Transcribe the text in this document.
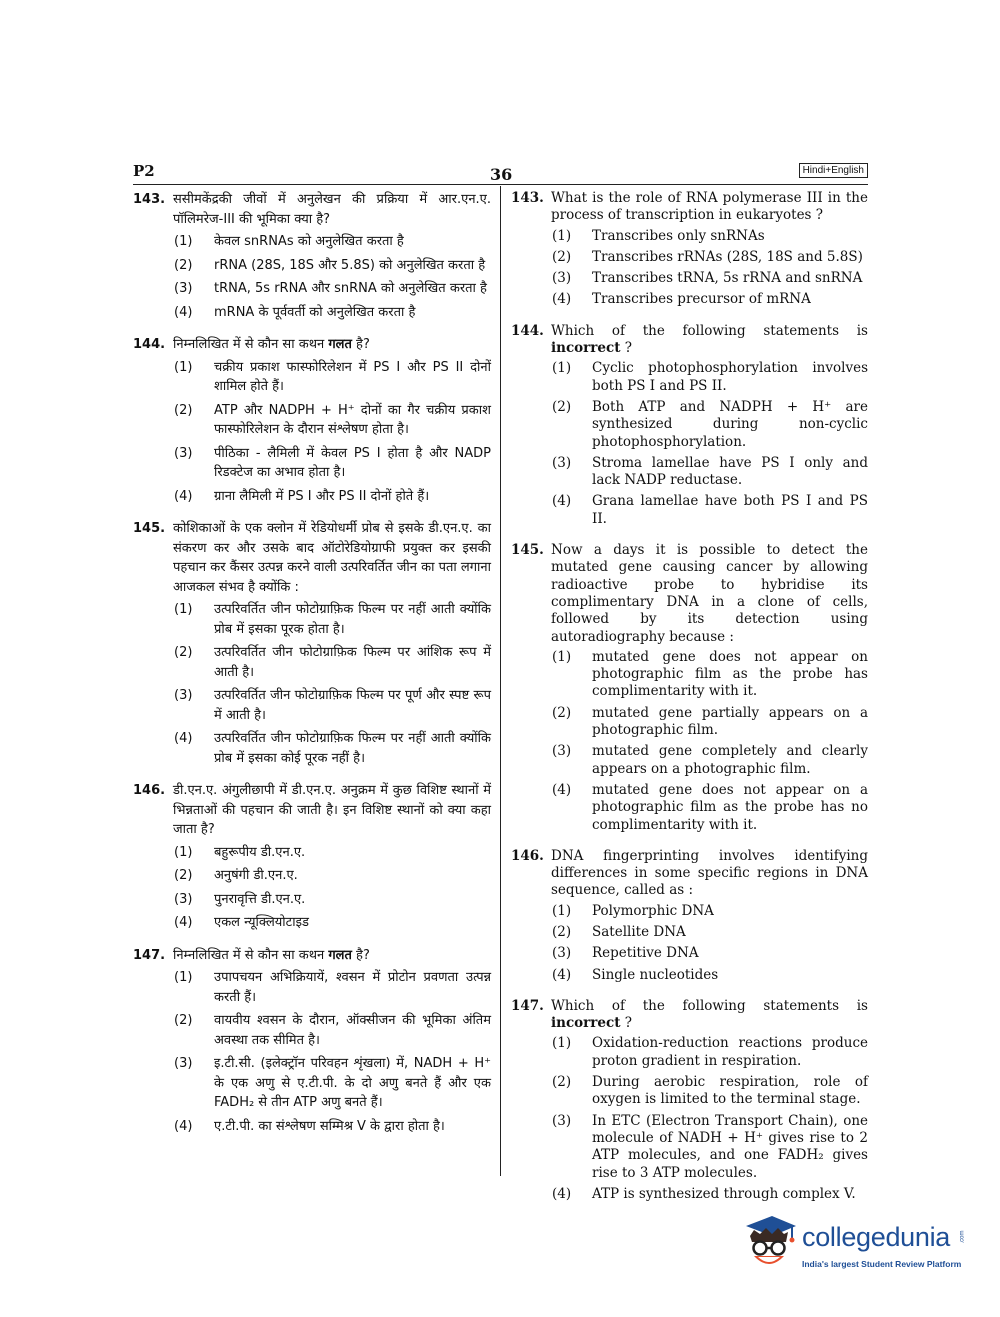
P2	36	Hindi+English
143. ससीमकेंद्रकी जीवों में अनुलेखन की प्रक्रिया में आर.एन.ए. पॉलिमरेज-III की भूमिका क्या है?
(1) केवल snRNAs को अनुलेखित करता है
(2) rRNA (28S, 18S और 5.8S) को अनुलेखित करता है
(3) tRNA, 5s rRNA और snRNA को अनुलेखित करता है
(4) mRNA के पूर्ववर्ती को अनुलेखित करता है
144. निम्नलिखित में से कौन सा कथन गलत है?
(1) चक्रीय प्रकाश फास्फोरिलेशन में PS I और PS II दोनों शामिल होते हैं।
(2) ATP और NADPH + H⁺ दोनों का गैर चक्रीय प्रकाश फास्फोरिलेशन के दौरान संश्लेषण होता है।
(3) पीठिका - लैमिली में केवल PS I होता है और NADP रिडक्टेज का अभाव होता है।
(4) ग्राना लैमिली में PS I और PS II दोनों होते हैं।
145. कोशिकाओं के एक क्लोन में रेडियोधर्मी प्रोब से इसके डी.एन.ए. का संकरण कर और उसके बाद ऑटोरेडियोग्राफी प्रयुक्त कर इसकी पहचान कर कैंसर उत्पन्न करने वाली उत्परिवर्तित जीन का पता लगाना आजकल संभव है क्योंकि :
(1) उत्परिवर्तित जीन फोटोग्राफ़िक फिल्म पर नहीं आती क्योंकि प्रोब में इसका पूरक होता है।
(2) उत्परिवर्तित जीन फोटोग्राफ़िक फिल्म पर आंशिक रूप में आती है।
(3) उत्परिवर्तित जीन फोटोग्राफ़िक फिल्म पर पूर्ण और स्पष्ट रूप में आती है।
(4) उत्परिवर्तित जीन फोटोग्राफ़िक फिल्म पर नहीं आती क्योंकि प्रोब में इसका कोई पूरक नहीं है।
146. डी.एन.ए. अंगुलीछापी में डी.एन.ए. अनुक्रम में कुछ विशिष्ट स्थानों में भिन्नताओं की पहचान की जाती है। इन विशिष्ट स्थानों को क्या कहा जाता है?
(1) बहुरूपीय डी.एन.ए.
(2) अनुषंगी डी.एन.ए.
(3) पुनरावृत्ति डी.एन.ए.
(4) एकल न्यूक्लियोटाइड
147. निम्नलिखित में से कौन सा कथन गलत है?
(1) उपापचयन अभिक्रियायें, श्वसन में प्रोटोन प्रवणता उत्पन्न करती हैं।
(2) वायवीय श्वसन के दौरान, ऑक्सीजन की भूमिका अंतिम अवस्था तक सीमित है।
(3) इ.टी.सी. (इलेक्ट्रॉन परिवहन शृंखला) में, NADH + H⁺ के एक अणु से ए.टी.पी. के दो अणु बनते हैं और एक FADH₂ से तीन ATP अणु बनते हैं।
(4) ए.टी.पी. का संश्लेषण सम्मिश्र V के द्वारा होता है।
143. What is the role of RNA polymerase III in the process of transcription in eukaryotes ?
(1) Transcribes only snRNAs
(2) Transcribes rRNAs (28S, 18S and 5.8S)
(3) Transcribes tRNA, 5s rRNA and snRNA
(4) Transcribes precursor of mRNA
144. Which of the following statements is incorrect ?
(1) Cyclic photophosphorylation involves both PS I and PS II.
(2) Both ATP and NADPH + H⁺ are synthesized during non-cyclic photophosphorylation.
(3) Stroma lamellae have PS I only and lack NADP reductase.
(4) Grana lamellae have both PS I and PS II.
145. Now a days it is possible to detect the mutated gene causing cancer by allowing radioactive probe to hybridise its complimentary DNA in a clone of cells, followed by its detection using autoradiography because :
(1) mutated gene does not appear on photographic film as the probe has complimentarity with it.
(2) mutated gene partially appears on a photographic film.
(3) mutated gene completely and clearly appears on a photographic film.
(4) mutated gene does not appear on a photographic film as the probe has no complimentarity with it.
146. DNA fingerprinting involves identifying differences in some specific regions in DNA sequence, called as :
(1) Polymorphic DNA
(2) Satellite DNA
(3) Repetitive DNA
(4) Single nucleotides
147. Which of the following statements is incorrect ?
(1) Oxidation-reduction reactions produce proton gradient in respiration.
(2) During aerobic respiration, role of oxygen is limited to the terminal stage.
(3) In ETC (Electron Transport Chain), one molecule of NADH + H⁺ gives rise to 2 ATP molecules, and one FADH₂ gives rise to 3 ATP molecules.
(4) ATP is synthesized through complex V.
collegedunia .com
India's largest Student Review Platform
